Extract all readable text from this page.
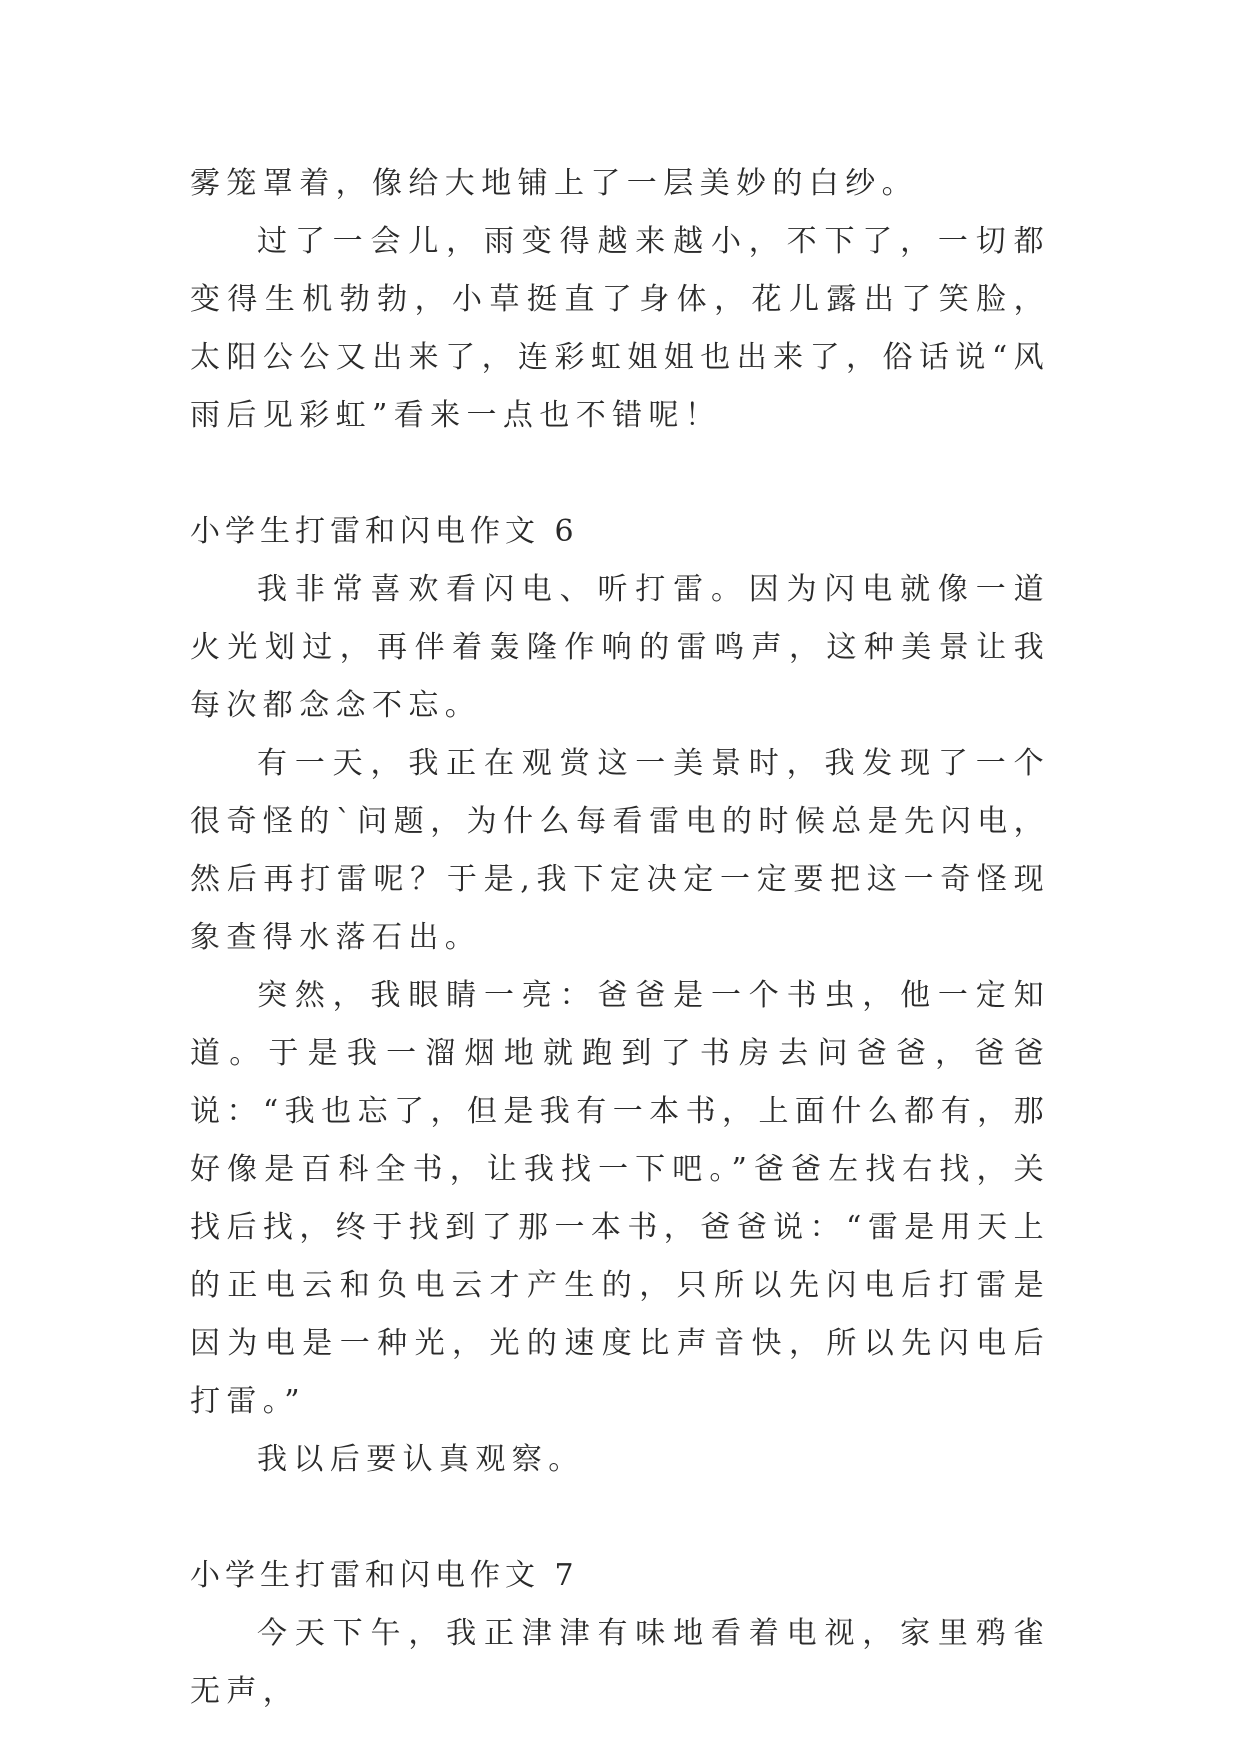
雾笼罩着，像给大地铺上了一层美妙的白纱。

过了一会儿，雨变得越来越小，不下了，一切都变得生机勃勃，小草挺直了身体，花儿露出了笑脸，太阳公公又出来了，连彩虹姐姐也出来了，俗话说“风雨后见彩虹”看来一点也不错呢！

小学生打雷和闪电作文 6

我非常喜欢看闪电、听打雷。因为闪电就像一道火光划过，再伴着轰隆作响的雷鸣声，这种美景让我每次都念念不忘。

有一天，我正在观赏这一美景时，我发现了一个很奇怪的`问题，为什么每看雷电的时候总是先闪电，然后再打雷呢？于是,我下定决定一定要把这一奇怪现象查得水落石出。

突然，我眼睛一亮：爸爸是一个书虫，他一定知道。于是我一溜烟地就跑到了书房去问爸爸，爸爸说：“我也忘了，但是我有一本书，上面什么都有，那好像是百科全书，让我找一下吧。”爸爸左找右找，关找后找，终于找到了那一本书，爸爸说：“雷是用天上的正电云和负电云才产生的，只所以先闪电后打雷是因为电是一种光，光的速度比声音快，所以先闪电后打雷。”

我以后要认真观察。

小学生打雷和闪电作文 7

今天下午，我正津津有味地看着电视，家里鸦雀无声，
